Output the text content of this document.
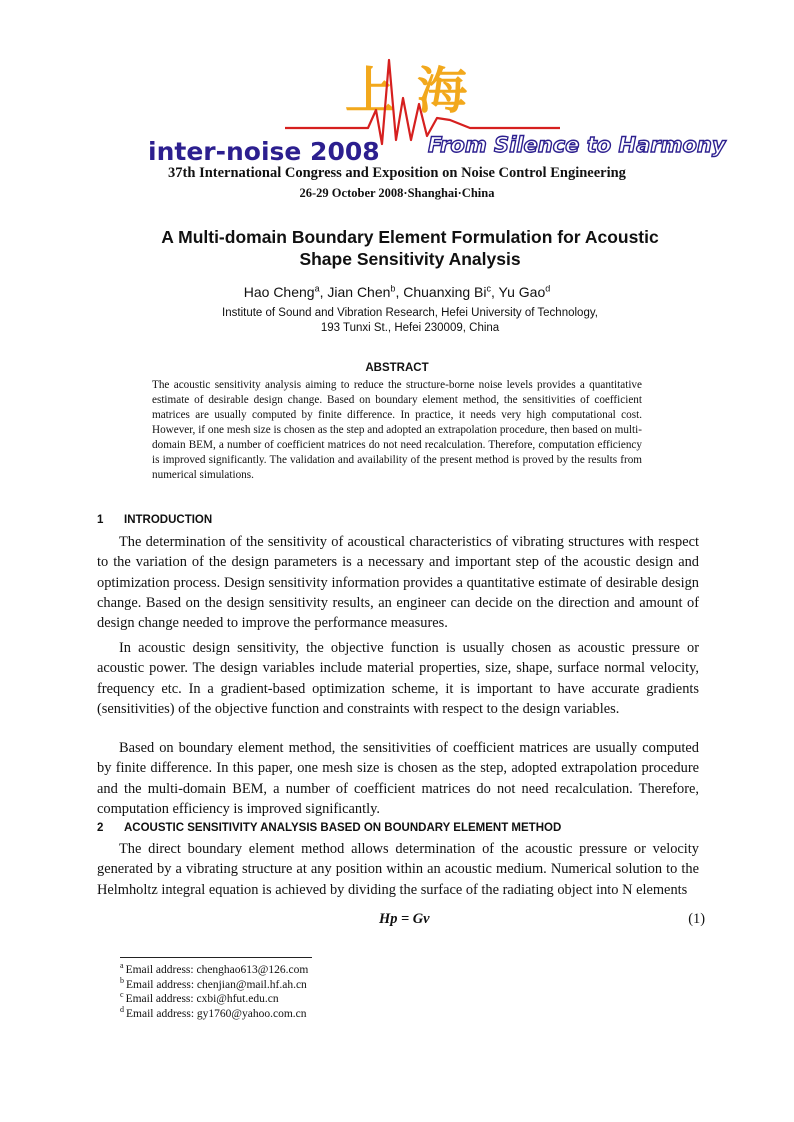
上海
inter-noise 2008 From Silence to Harmony
37th International Congress and Exposition on Noise Control Engineering
26-29 October 2008·Shanghai·China
A Multi-domain Boundary Element Formulation for Acoustic
Shape Sensitivity Analysis
Hao Cheng$^a$, Jian Chen$^b$, Chuanxing Bi$^c$, Yu Gao$^d$
Institute of Sound and Vibration Research, Hefei University of Technology,
193 Tunxi St., Hefei 230009, China
ABSTRACT
The acoustic sensitivity analysis aiming to reduce the structure-borne noise levels provides a quantitative estimate of desirable design change. Based on boundary element method, the sensitivities of coefficient matrices are usually computed by finite difference. In practice, it needs very high computational cost. However, if one mesh size is chosen as the step and adopted an extrapolation procedure, then based on multi-domain BEM, a number of coefficient matrices do not need recalculation. Therefore, computation efficiency is improved significantly. The validation and availability of the present method is proved by the results from numerical simulations.
1 INTRODUCTION
The determination of the sensitivity of acoustical characteristics of vibrating structures with respect to the variation of the design parameters is a necessary and important step of the acoustic design and optimization process. Design sensitivity information provides a quantitative estimate of desirable design change. Based on the design sensitivity results, an engineer can decide on the direction and amount of design change needed to improve the performance measures.
In acoustic design sensitivity, the objective function is usually chosen as acoustic pressure or acoustic power. The design variables include material properties, size, shape, surface normal velocity, frequency etc. In a gradient-based optimization scheme, it is important to have accurate gradients (sensitivities) of the objective function and constraints with respect to the design variables.
Based on boundary element method, the sensitivities of coefficient matrices are usually computed by finite difference. In this paper, one mesh size is chosen as the step, adopted extrapolation procedure and the multi-domain BEM, a number of coefficient matrices do not need recalculation. Therefore, computation efficiency is improved significantly.
2 ACOUSTIC SENSITIVITY ANALYSIS BASED ON BOUNDARY ELEMENT METHOD
The direct boundary element method allows determination of the acoustic pressure or velocity generated by a vibrating structure at any position within an acoustic medium. Numerical solution to the Helmholtz integral equation is achieved by dividing the surface of the radiating object into N elements
Hp = Gv	(1)
$^a$ Email address: chenghao613@126.com
$^b$ Email address: chenjian@mail.hf.ah.cn
$^c$ Email address: cxbi@hfut.edu.cn
$^d$ Email address: gy1760@yahoo.com.cn
